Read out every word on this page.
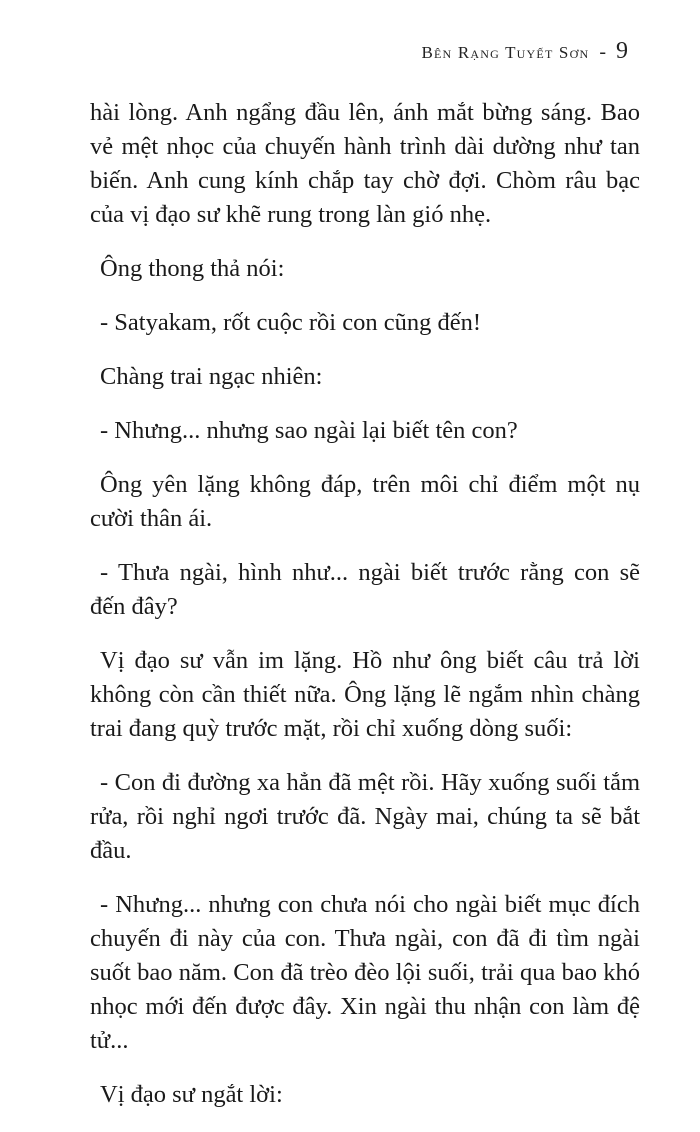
Bên Rạng Tuyết Sơn - 9

hài lòng. Anh ngẩng đầu lên, ánh mắt bừng sáng. Bao vẻ mệt nhọc của chuyến hành trình dài dường như tan biến. Anh cung kính chắp tay chờ đợi. Chòm râu bạc của vị đạo sư khẽ rung trong làn gió nhẹ.

Ông thong thả nói:

- Satyakam, rốt cuộc rồi con cũng đến!

Chàng trai ngạc nhiên:

- Nhưng... nhưng sao ngài lại biết tên con?

Ông yên lặng không đáp, trên môi chỉ điểm một nụ cười thân ái.

- Thưa ngài, hình như... ngài biết trước rằng con sẽ đến đây?

Vị đạo sư vẫn im lặng. Hồ như ông biết câu trả lời không còn cần thiết nữa. Ông lặng lẽ ngắm nhìn chàng trai đang quỳ trước mặt, rồi chỉ xuống dòng suối:

- Con đi đường xa hẳn đã mệt rồi. Hãy xuống suối tắm rửa, rồi nghỉ ngơi trước đã. Ngày mai, chúng ta sẽ bắt đầu.

- Nhưng... nhưng con chưa nói cho ngài biết mục đích chuyến đi này của con. Thưa ngài, con đã đi tìm ngài suốt bao năm. Con đã trèo đèo lội suối, trải qua bao khó nhọc mới đến được đây. Xin ngài thu nhận con làm đệ tử...

Vị đạo sư ngắt lời:
